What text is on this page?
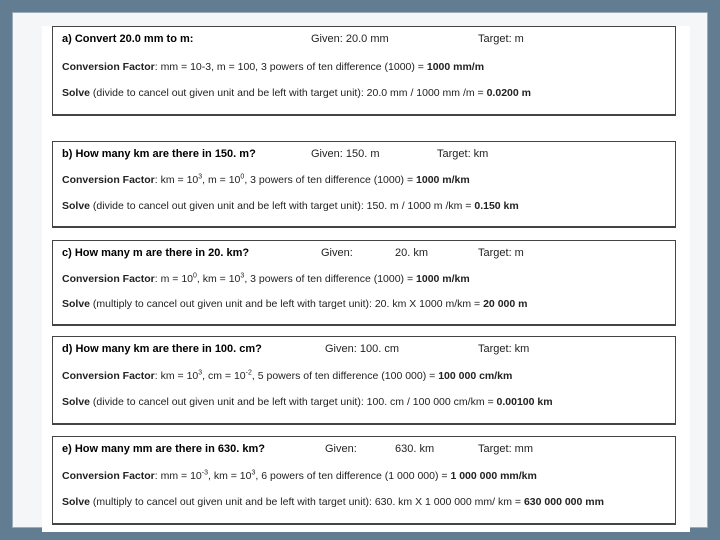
a) Convert 20.0 mm to m:	Given: 20.0 mm	Target: m
Conversion Factor: mm = 10-3, m = 100, 3 powers of ten difference (1000) = 1000 mm/m
Solve (divide to cancel out given unit and be left with target unit): 20.0 mm / 1000 mm /m = 0.0200 m
b) How many km are there in 150. m?	Given: 150. m	Target: km
Conversion Factor: km = $10^3$, $m = 10^0$, 3 powers of ten difference (1000) = 1000 m/km
Solve (divide to cancel out given unit and be left with target unit): 150. m / 1000 m /km = 0.150 km
c) How many m are there in 20. km?	Given:	20. km	Target: m
Conversion Factor: $m = 10^0$, km = $10^3$, 3 powers of ten difference (1000) = 1000 m/km
Solve (multiply to cancel out given unit and be left with target unit): 20. km X 1000 m/km = 20 000 m
d) How many km are there in 100. cm?	Given: 100. cm	Target: km
Conversion Factor: km = $10^3$, cm = $10^{-2}$, 5 powers of ten difference (100 000) = 100 000 cm/km
Solve (divide to cancel out given unit and be left with target unit): 100. cm / 100 000 cm/km = 0.00100 km
e) How many mm are there in 630. km?	Given:	630. km	Target: mm
Conversion Factor: mm = $10^{-3}$, km = $10^3$, 6 powers of ten difference (1 000 000) = 1 000 000 mm/km
Solve (multiply to cancel out given unit and be left with target unit): 630. km X 1 000 000 mm/ km = 630 000 000 mm
